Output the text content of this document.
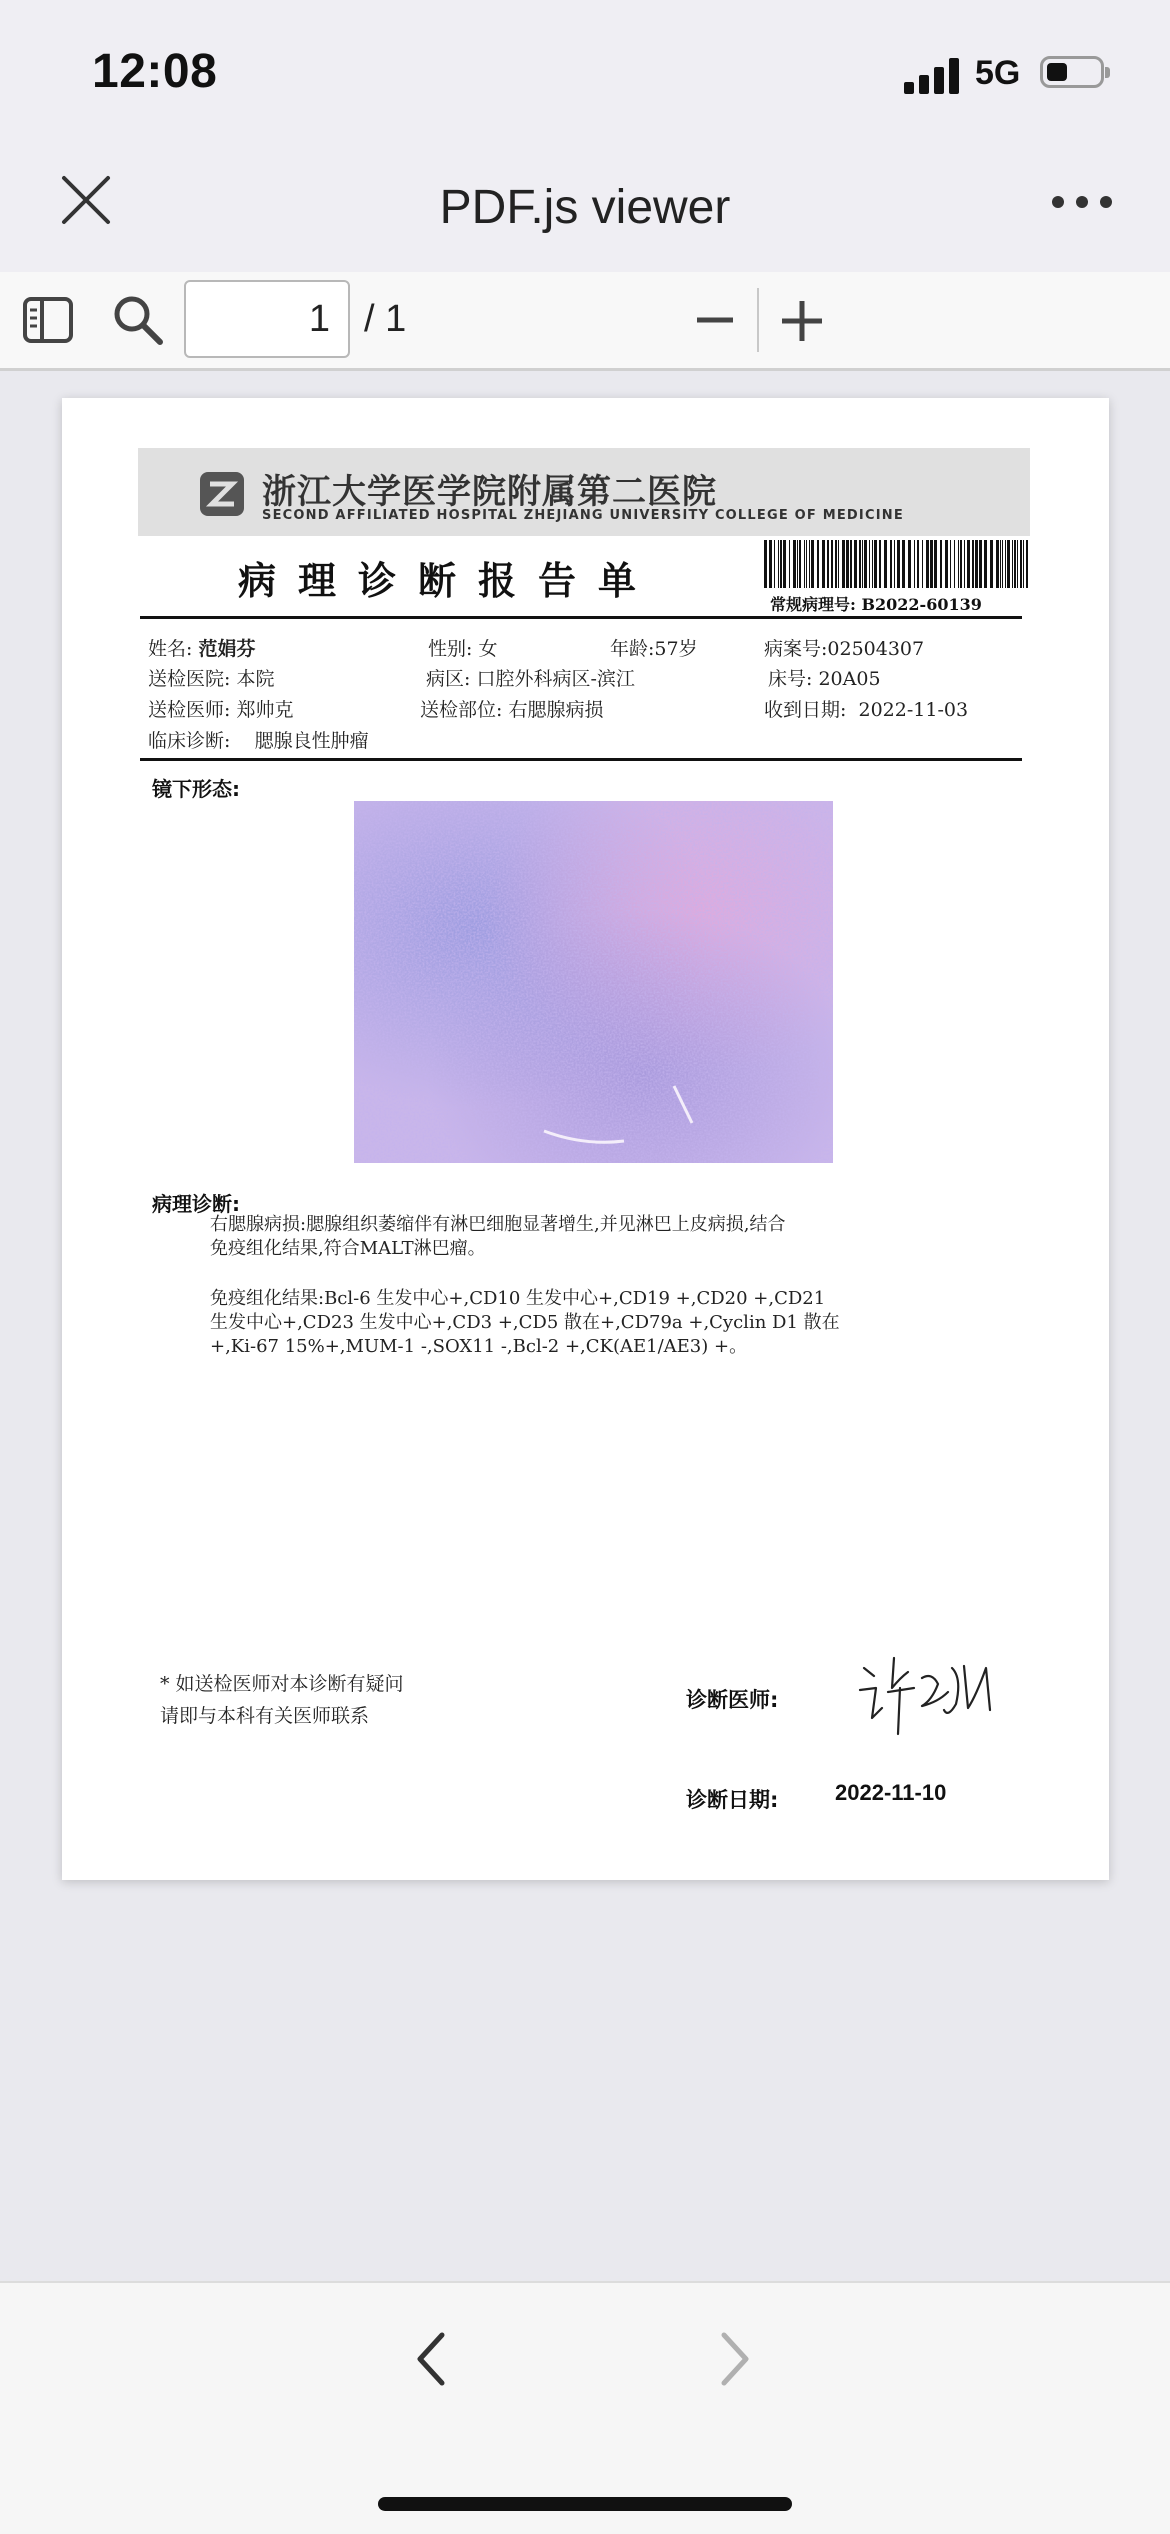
12:08	5G
PDF.js viewer
1
/ 1
浙江大学医学院附属第二医院
SECOND AFFILIATED HOSPITAL ZHEJIANG UNIVERSITY COLLEGE OF MEDICINE
病理诊断报告单
常规病理号: B2022-60139
姓名: 范娟芬	性别: 女	年龄:57岁	病案号:02504307
送检医院: 本院	病区: 口腔外科病区-滨江	床号: 20A05
送检医师: 郑帅克	送检部位: 右腮腺病损	收到日期: 2022-11-03
临床诊断: 腮腺良性肿瘤
镜下形态:
病理诊断:
右腮腺病损:腮腺组织萎缩伴有淋巴细胞显著增生,并见淋巴上皮病损,结合
免疫组化结果,符合MALT淋巴瘤。
免疫组化结果:Bcl-6 生发中心+,CD10 生发中心+,CD19 +,CD20 +,CD21
生发中心+,CD23 生发中心+,CD3 +,CD5 散在+,CD79a +,Cyclin D1 散在
+,Ki-67 15%+,MUM-1 -,SOX11 -,Bcl-2 +,CK(AE1/AE3) +。
* 如送检医师对本诊断有疑问
请即与本科有关医师联系
诊断医师:
诊断日期:	2022-11-10
